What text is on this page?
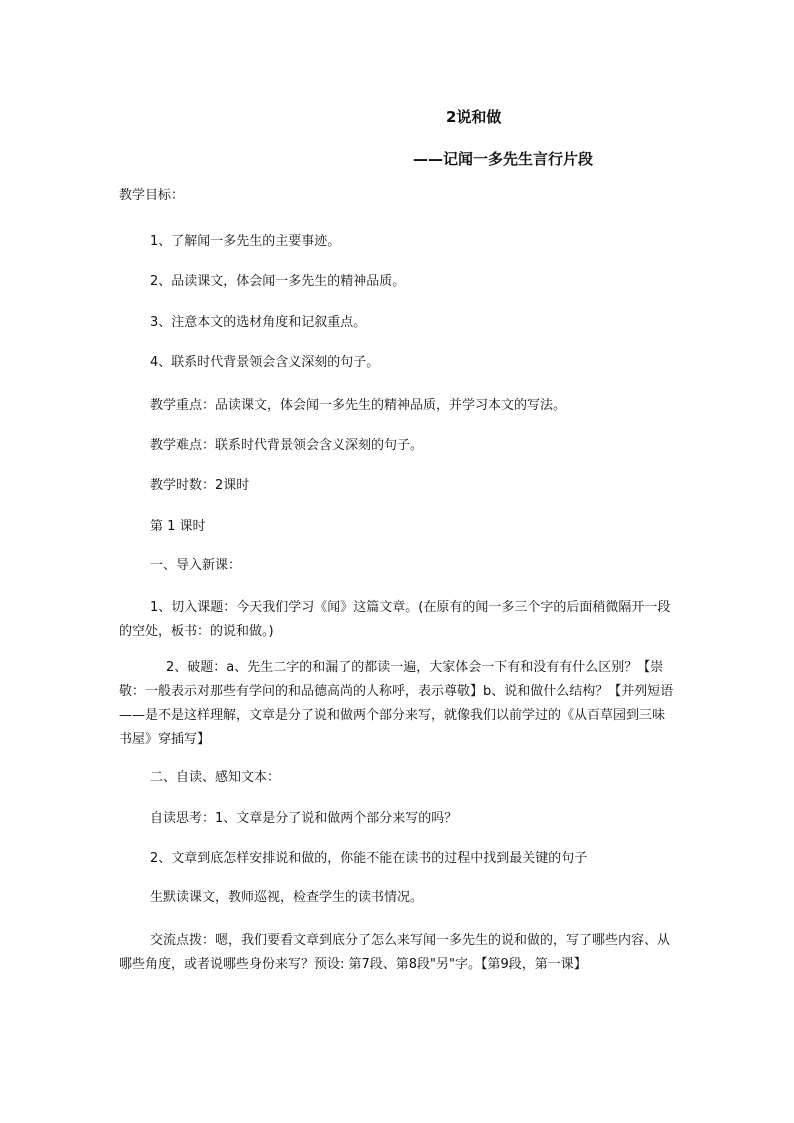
2说和做
——记闻一多先生言行片段
教学目标：
1、了解闻一多先生的主要事迹。
2、品读课文，体会闻一多先生的精神品质。
3、注意本文的选材角度和记叙重点。
4、联系时代背景领会含义深刻的句子。
教学重点：品读课文，体会闻一多先生的精神品质，并学习本文的写法。
教学难点：联系时代背景领会含义深刻的句子。
教学时数：2课时
第 1 课时
一、导入新课：
1、切入课题：今天我们学习《闻》这篇文章。(在原有的闻一多三个字的后面稍微隔开一段的空处，板书：的说和做。)
2、破题：a、先生二字的和漏了的都读一遍，大家体会一下有和没有有什么区别？【崇敬：一般表示对那些有学问的和品德高尚的人称呼，表示尊敬】b、说和做什么结构？【并列短语——是不是这样理解，文章是分了说和做两个部分来写，就像我们以前学过的《从百草园到三味书屋》穿插写】
二、自读、感知文本：
自读思考：1、文章是分了说和做两个部分来写的吗？
2、文章到底怎样安排说和做的，你能不能在读书的过程中找到最关键的句子
生默读课文，教师巡视，检查学生的读书情况。
交流点拨：嗯，我们要看文章到底分了怎么来写闻一多先生的说和做的，写了哪些内容、从哪些角度，或者说哪些身份来写？预设: 第7段、第8段"另"字。【第9段，第一课】
